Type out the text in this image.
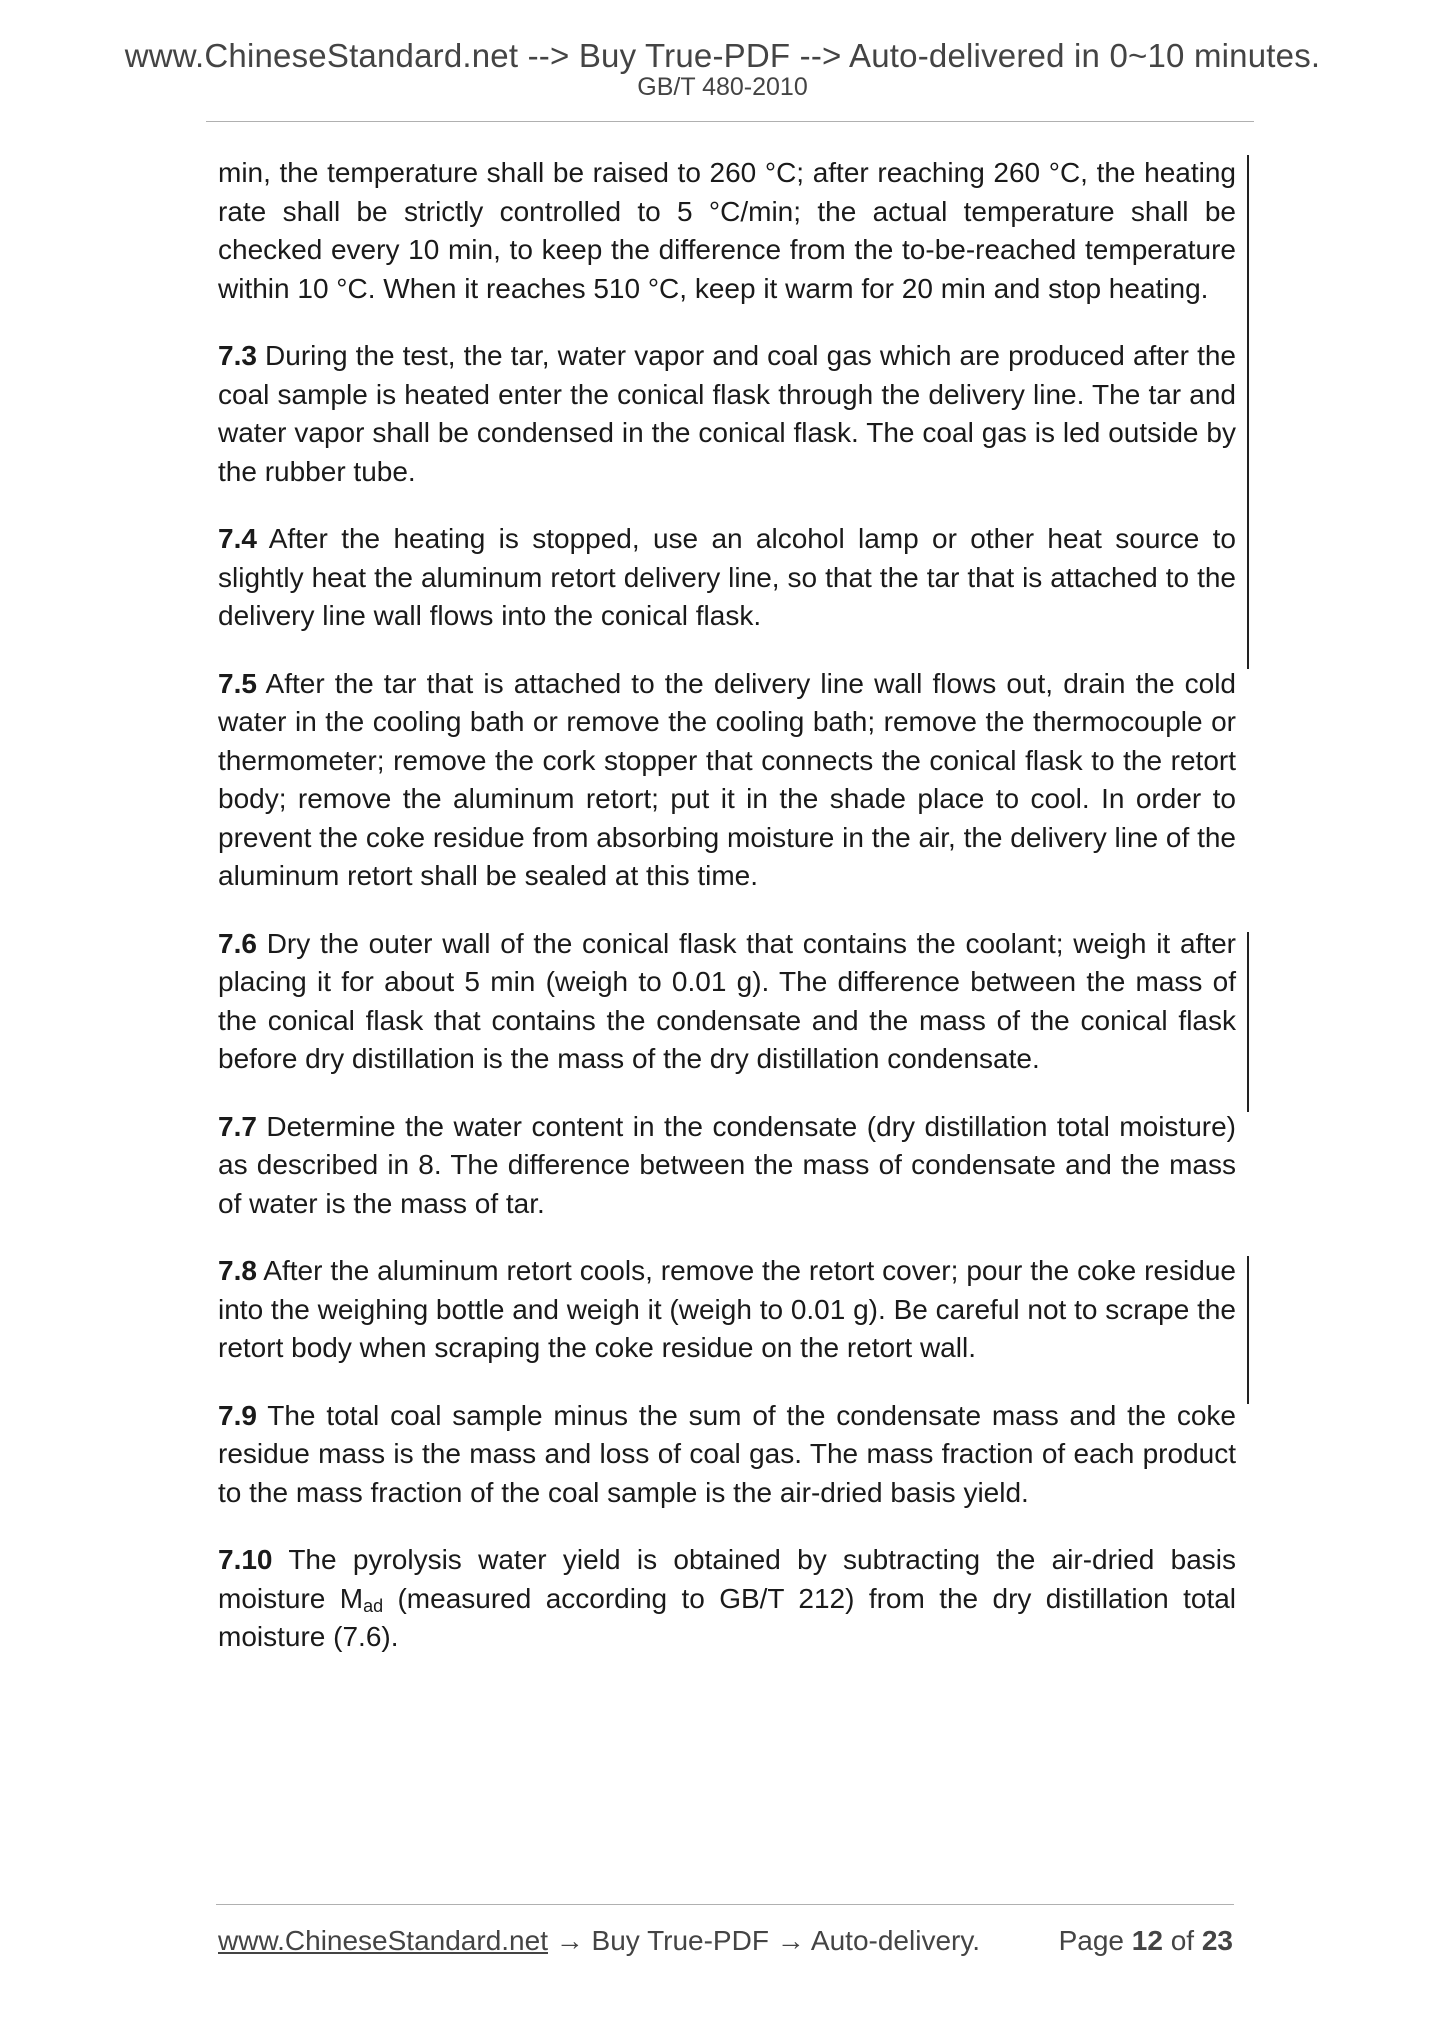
www.ChineseStandard.net --> Buy True-PDF --> Auto-delivered in 0~10 minutes.
GB/T 480-2010

min, the temperature shall be raised to 260 °C; after reaching 260 °C, the heating rate shall be strictly controlled to 5 °C/min; the actual temperature shall be checked every 10 min, to keep the difference from the to-be-reached temperature within 10 °C. When it reaches 510 °C, keep it warm for 20 min and stop heating.

7.3 During the test, the tar, water vapor and coal gas which are produced after the coal sample is heated enter the conical flask through the delivery line. The tar and water vapor shall be condensed in the conical flask. The coal gas is led outside by the rubber tube.

7.4 After the heating is stopped, use an alcohol lamp or other heat source to slightly heat the aluminum retort delivery line, so that the tar that is attached to the delivery line wall flows into the conical flask.

7.5 After the tar that is attached to the delivery line wall flows out, drain the cold water in the cooling bath or remove the cooling bath; remove the thermocouple or thermometer; remove the cork stopper that connects the conical flask to the retort body; remove the aluminum retort; put it in the shade place to cool. In order to prevent the coke residue from absorbing moisture in the air, the delivery line of the aluminum retort shall be sealed at this time.

7.6 Dry the outer wall of the conical flask that contains the coolant; weigh it after placing it for about 5 min (weigh to 0.01 g). The difference between the mass of the conical flask that contains the condensate and the mass of the conical flask before dry distillation is the mass of the dry distillation condensate.

7.7 Determine the water content in the condensate (dry distillation total moisture) as described in 8. The difference between the mass of condensate and the mass of water is the mass of tar.

7.8 After the aluminum retort cools, remove the retort cover; pour the coke residue into the weighing bottle and weigh it (weigh to 0.01 g). Be careful not to scrape the retort body when scraping the coke residue on the retort wall.

7.9 The total coal sample minus the sum of the condensate mass and the coke residue mass is the mass and loss of coal gas. The mass fraction of each product to the mass fraction of the coal sample is the air-dried basis yield.

7.10 The pyrolysis water yield is obtained by subtracting the air-dried basis moisture $M_{ad}$ (measured according to GB/T 212) from the dry distillation total moisture (7.6).

www.ChineseStandard.net → Buy True-PDF → Auto-delivery.	Page 12 of 23
